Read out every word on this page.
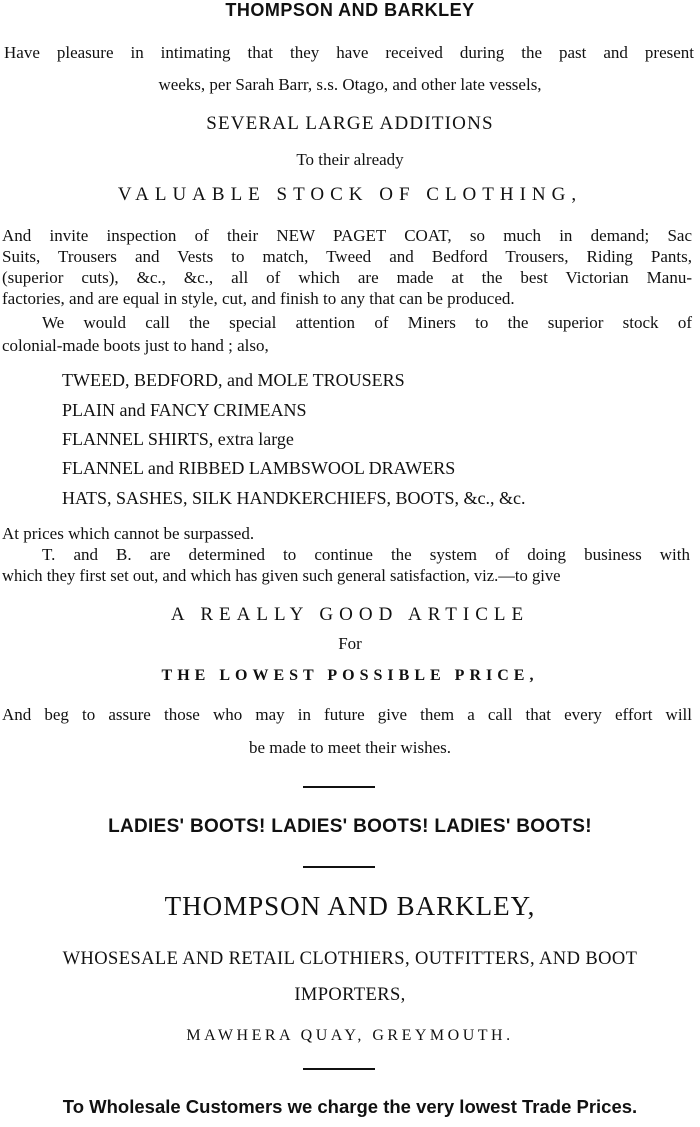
THOMPSON AND BARKLEY
Have pleasure in intimating that they have received during the past and present
weeks, per Sarah Barr, s.s. Otago, and other late vessels,
SEVERAL LARGE ADDITIONS
To their already
VALUABLE STOCK OF CLOTHING,
And invite inspection of their NEW PAGET COAT, so much in demand; Sac
Suits, Trousers and Vests to match, Tweed and Bedford Trousers, Riding Pants,
(superior cuts), &c., &c., all of which are made at the best Victorian Manu-
factories, and are equal in style, cut, and finish to any that can be produced.
We would call the special attention of Miners to the superior stock of
colonial-made boots just to hand ; also,
TWEED, BEDFORD, and MOLE TROUSERS
PLAIN and FANCY CRIMEANS
FLANNEL SHIRTS, extra large
FLANNEL and RIBBED LAMBSWOOL DRAWERS
HATS, SASHES, SILK HANDKERCHIEFS, BOOTS, &c., &c.
At prices which cannot be surpassed.
T. and B. are determined to continue the system of doing business with
which they first set out, and which has given such general satisfaction, viz.—to give
A REALLY GOOD ARTICLE
For
THE LOWEST POSSIBLE PRICE,
And beg to assure those who may in future give them a call that every effort will
be made to meet their wishes.
LADIES' BOOTS! LADIES' BOOTS! LADIES' BOOTS!
THOMPSON AND BARKLEY,
WHOSESALE AND RETAIL CLOTHIERS, OUTFITTERS, AND BOOT
IMPORTERS,
MAWHERA QUAY, GREYMOUTH.
To Wholesale Customers we charge the very lowest Trade Prices.
